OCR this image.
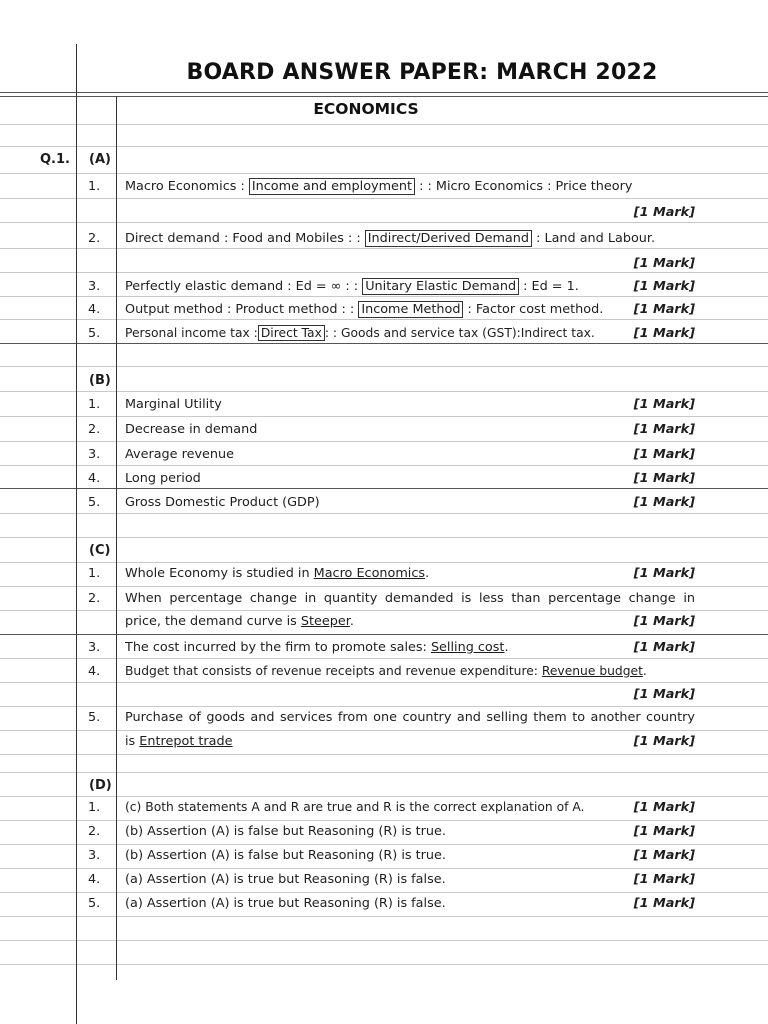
BOARD ANSWER PAPER: MARCH 2022
ECONOMICS
Q.1. (A)
1.	Macro Economics : Income and employment : : Micro Economics : Price theory
[1 Mark]
2.	Direct demand : Food and Mobiles : : Indirect/Derived Demand : Land and Labour.
[1 Mark]
3.	Perfectly elastic demand : Ed = ∞ : : Unitary Elastic Demand : Ed = 1.	[1 Mark]
4.	Output method : Product method : : Income Method : Factor cost method. [1 Mark]
5.	Personal income tax : Direct Tax : : Goods and service tax (GST):Indirect tax.	[1 Mark]
(B)
1.	Marginal Utility	[1 Mark]
2.	Decrease in demand	[1 Mark]
3.	Average revenue	[1 Mark]
4.	Long period	[1 Mark]
5.	Gross Domestic Product (GDP)	[1 Mark]
(C)
1.	Whole Economy is studied in Macro Economics.	[1 Mark]
2.	When percentage change in quantity demanded is less than percentage change in
price, the demand curve is Steeper.	[1 Mark]
3.	The cost incurred by the firm to promote sales: Selling cost.	[1 Mark]
4.	Budget that consists of revenue receipts and revenue expenditure: Revenue budget.
[1 Mark]
5.	Purchase of goods and services from one country and selling them to another country
is Entrepot trade	[1 Mark]
(D)
1.	(c) Both statements A and R are true and R is the correct explanation of A.	[1 Mark]
2.	(b) Assertion (A) is false but Reasoning (R) is true.	[1 Mark]
3.	(b) Assertion (A) is false but Reasoning (R) is true.	[1 Mark]
4.	(a) Assertion (A) is true but Reasoning (R) is false.	[1 Mark]
5.	(a) Assertion (A) is true but Reasoning (R) is false.	[1 Mark]
